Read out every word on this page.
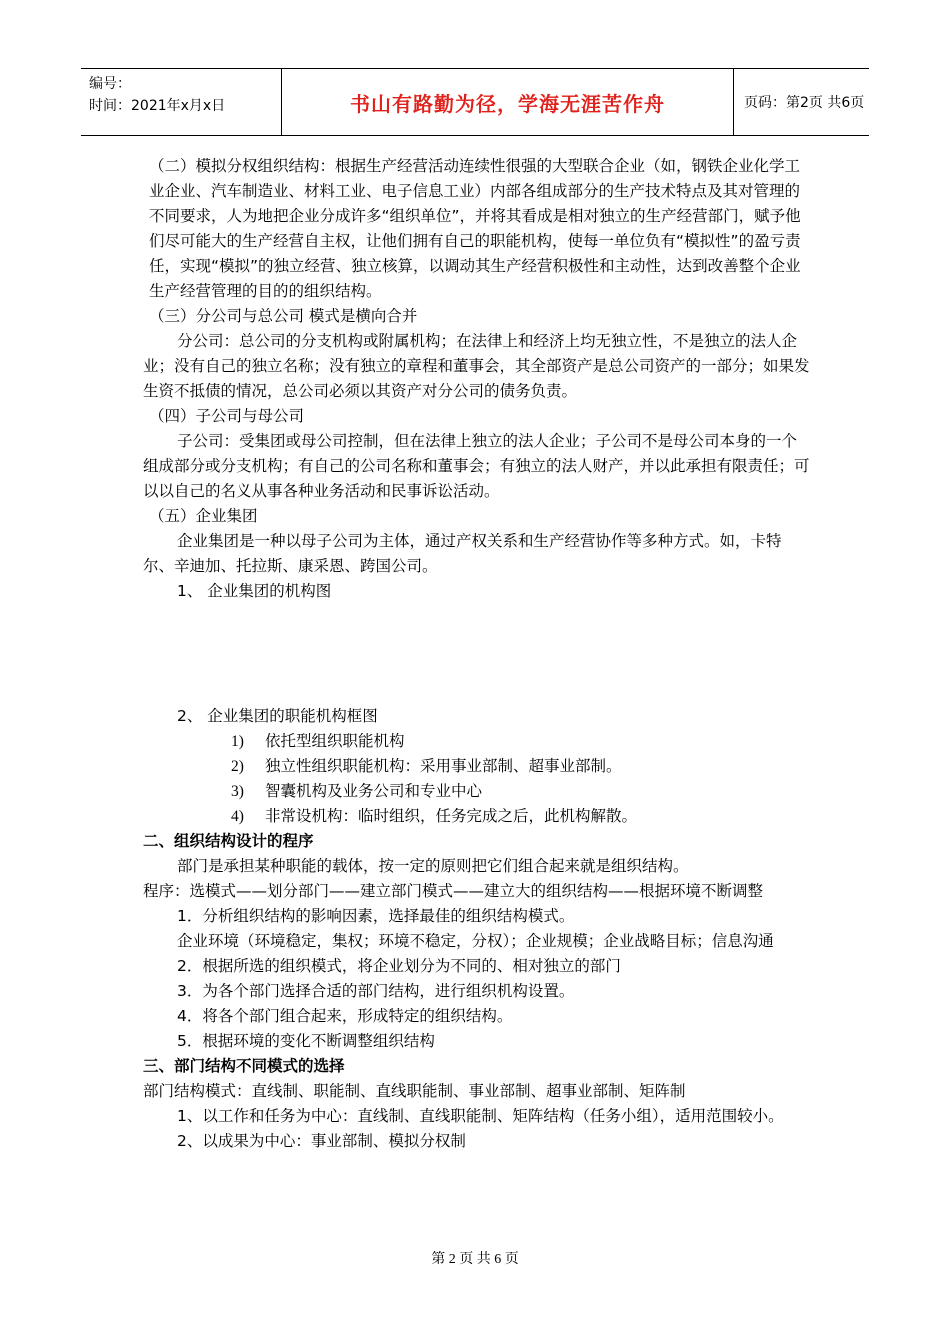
编号：
时间：2021年x月x日	书山有路勤为径，学海无涯苦作舟	页码：第2页 共6页

（二）模拟分权组织结构：根据生产经营活动连续性很强的大型联合企业（如，钢铁企业化学工业企业、汽车制造业、材料工业、电子信息工业）内部各组成部分的生产技术特点及其对管理的不同要求，人为地把企业分成许多“组织单位”，并将其看成是相对独立的生产经营部门，赋予他们尽可能大的生产经营自主权，让他们拥有自己的职能机构，使每一单位负有“模拟性”的盈亏责任，实现“模拟”的独立经营、独立核算，以调动其生产经营积极性和主动性，达到改善整个企业生产经营管理的目的的组织结构。

（三）分公司与总公司 模式是横向合并

分公司：总公司的分支机构或附属机构；在法律上和经济上均无独立性，不是独立的法人企业；没有自己的独立名称；没有独立的章程和董事会，其全部资产是总公司资产的一部分；如果发生资不抵债的情况，总公司必须以其资产对分公司的债务负责。

（四）子公司与母公司

子公司：受集团或母公司控制，但在法律上独立的法人企业；子公司不是母公司本身的一个组成部分或分支机构；有自己的公司名称和董事会；有独立的法人财产，并以此承担有限责任；可以以自己的名义从事各种业务活动和民事诉讼活动。

（五）企业集团

企业集团是一种以母子公司为主体，通过产权关系和生产经营协作等多种方式。如，卡特尔、辛迪加、托拉斯、康采恩、跨国公司。

1、 企业集团的机构图

2、 企业集团的职能机构框图

1) 依托型组织职能机构

2) 独立性组织职能机构：采用事业部制、超事业部制。

3) 智囊机构及业务公司和专业中心

4) 非常设机构：临时组织，任务完成之后，此机构解散。

二、组织结构设计的程序

部门是承担某种职能的载体，按一定的原则把它们组合起来就是组织结构。

程序：选模式——划分部门——建立部门模式——建立大的组织结构——根据环境不断调整

1．分析组织结构的影响因素，选择最佳的组织结构模式。

企业环境（环境稳定，集权；环境不稳定，分权）；企业规模；企业战略目标；信息沟通

2．根据所选的组织模式，将企业划分为不同的、相对独立的部门

3．为各个部门选择合适的部门结构，进行组织机构设置。

4．将各个部门组合起来，形成特定的组织结构。

5．根据环境的变化不断调整组织结构

三、部门结构不同模式的选择

部门结构模式：直线制、职能制、直线职能制、事业部制、超事业部制、矩阵制

1、以工作和任务为中心：直线制、直线职能制、矩阵结构（任务小组），适用范围较小。

2、以成果为中心：事业部制、模拟分权制

第 2 页 共 6 页
